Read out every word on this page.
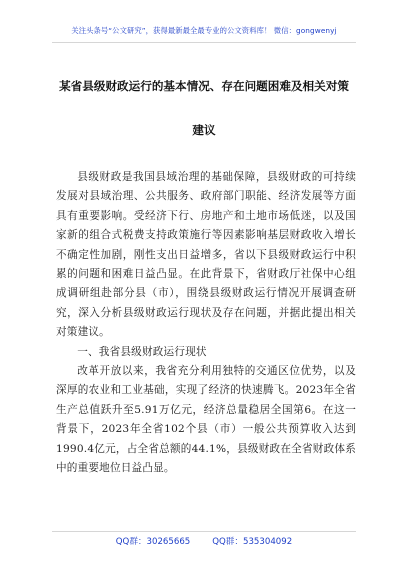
关注头条号“公文研究”，获得最新最全最专业的公文资料库！ 微信：gongwenyj
某省县级财政运行的基本情况、存在问题困难及相关对策
建议

县级财政是我国县域治理的基础保障，县级财政的可持续发展对县域治理、公共服务、政府部门职能、经济发展等方面具有重要影响。受经济下行、房地产和土地市场低迷，以及国家新的组合式税费支持政策施行等因素影响基层财政收入增长不确定性加剧，刚性支出日益增多，省以下县级财政运行中积累的问题和困难日益凸显。在此背景下，省财政厅社保中心组成调研组赴部分县（市），围绕县级财政运行情况开展调查研究，深入分析县级财政运行现状及存在问题，并据此提出相关对策建议。

一、我省县级财政运行现状

改革开放以来，我省充分利用独特的交通区位优势，以及深厚的农业和工业基础，实现了经济的快速腾飞。2023年全省生产总值跃升至5.91万亿元，经济总量稳居全国第6。在这一背景下，2023年全省102个县（市）一般公共预算收入达到1990.4亿元，占全省总额的44.1%，县级财政在全省财政体系中的重要地位日益凸显。

QQ群：30265665	QQ群：535304092
